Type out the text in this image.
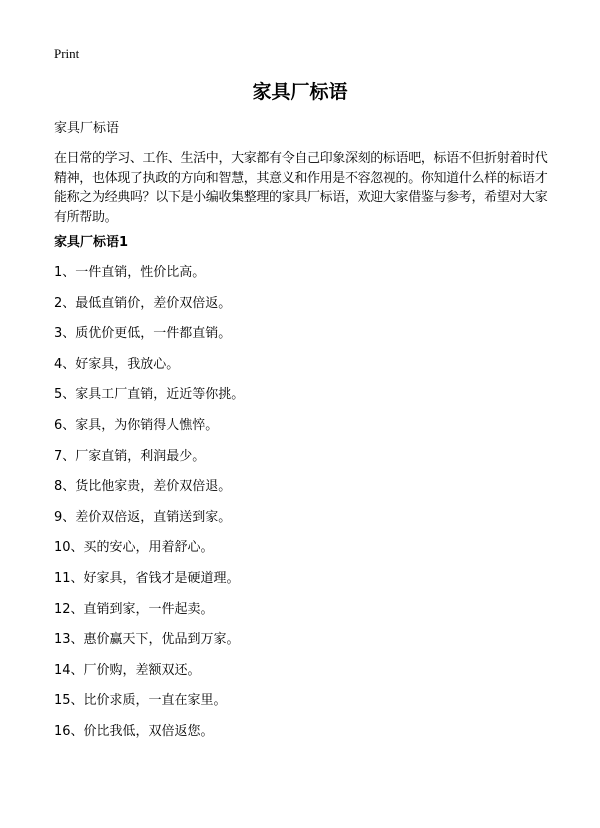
Print
家具厂标语

家具厂标语

在日常的学习、工作、生活中，大家都有令自己印象深刻的标语吧，标语不但折射着时代精神，也体现了执政的方向和智慧，其意义和作用是不容忽视的。你知道什么样的标语才能称之为经典吗？以下是小编收集整理的家具厂标语，欢迎大家借鉴与参考，希望对大家有所帮助。

家具厂标语1
1、一件直销，性价比高。
2、最低直销价，差价双倍返。
3、质优价更低，一件都直销。
4、好家具，我放心。
5、家具工厂直销，近近等你挑。
6、家具，为你销得人憔悴。
7、厂家直销，利润最少。
8、货比他家贵，差价双倍退。
9、差价双倍返，直销送到家。
10、买的安心，用着舒心。
11、好家具，省钱才是硬道理。
12、直销到家，一件起卖。
13、惠价赢天下，优品到万家。
14、厂价购，差额双还。
15、比价求质，一直在家里。
16、价比我低，双倍返您。
